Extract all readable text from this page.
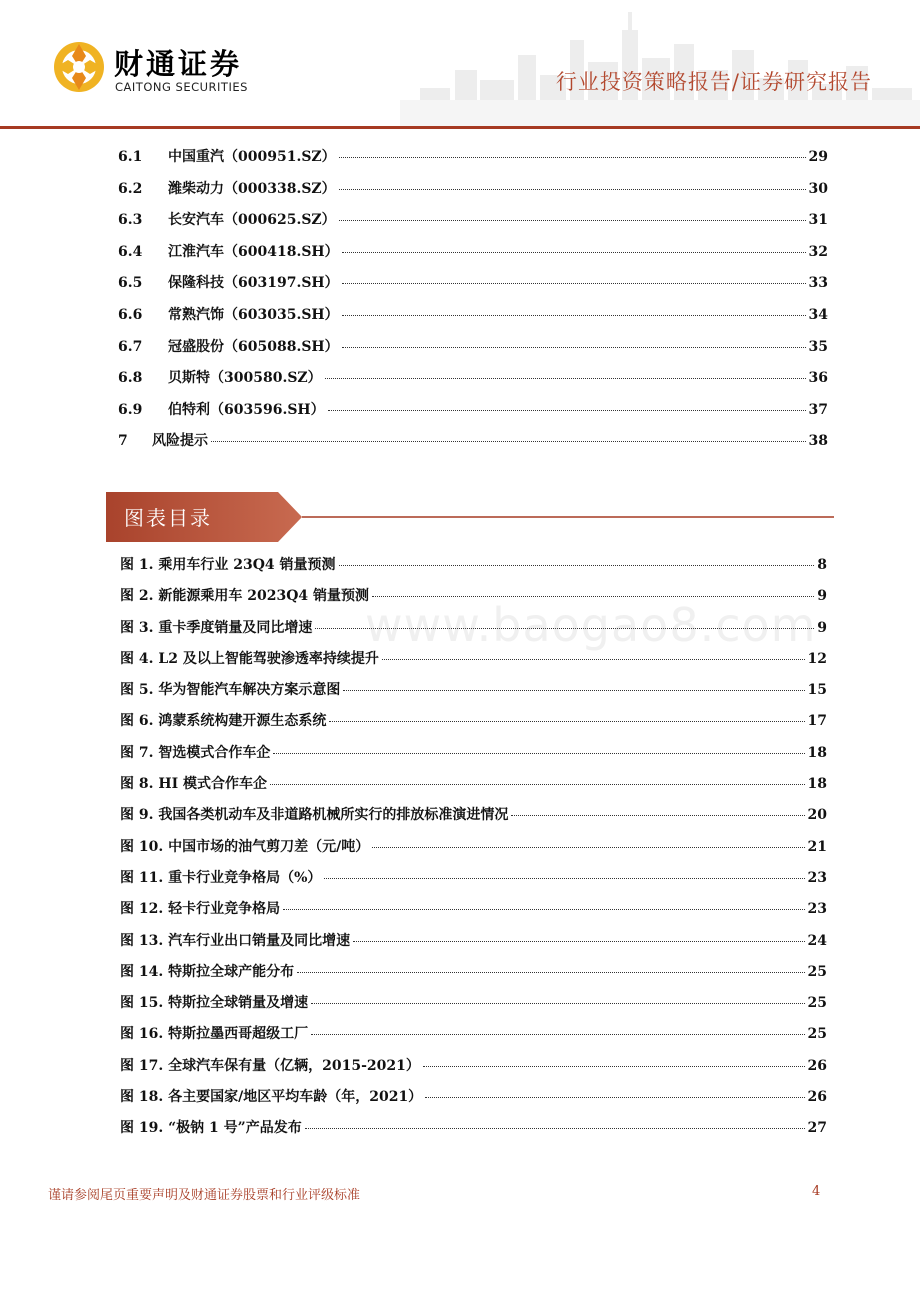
财通证券
CAITONG SECURITIES	行业投资策略报告/证券研究报告
6.1	中国重汽（000951.SZ）	29
6.2	潍柴动力（000338.SZ）	30
6.3	长安汽车（000625.SZ）	31
6.4	江淮汽车（600418.SH）	32
6.5	保隆科技（603197.SH）	33
6.6	常熟汽饰（603035.SH）	34
6.7	冠盛股份（605088.SH）	35
6.8	贝斯特（300580.SZ）	36
6.9	伯特利（603596.SH）	37
7	风险提示	38
图表目录
图 1. 乘用车行业 23Q4 销量预测	8
图 2. 新能源乘用车 2023Q4 销量预测	9
图 3. 重卡季度销量及同比增速	9
图 4. L2 及以上智能驾驶渗透率持续提升	12
图 5. 华为智能汽车解决方案示意图	15
图 6. 鸿蒙系统构建开源生态系统	17
图 7. 智选模式合作车企	18
图 8. HI 模式合作车企	18
图 9. 我国各类机动车及非道路机械所实行的排放标准演进情况	20
图 10. 中国市场的油气剪刀差（元/吨）	21
图 11. 重卡行业竞争格局（%）	23
图 12. 轻卡行业竞争格局	23
图 13. 汽车行业出口销量及同比增速	24
图 14. 特斯拉全球产能分布	25
图 15. 特斯拉全球销量及增速	25
图 16. 特斯拉墨西哥超级工厂	25
图 17. 全球汽车保有量（亿辆，2015-2021）	26
图 18. 各主要国家/地区平均车龄（年，2021）	26
图 19. “极钠 1 号”产品发布	27
www.baogao8.com
谨请参阅尾页重要声明及财通证券股票和行业评级标准	4
